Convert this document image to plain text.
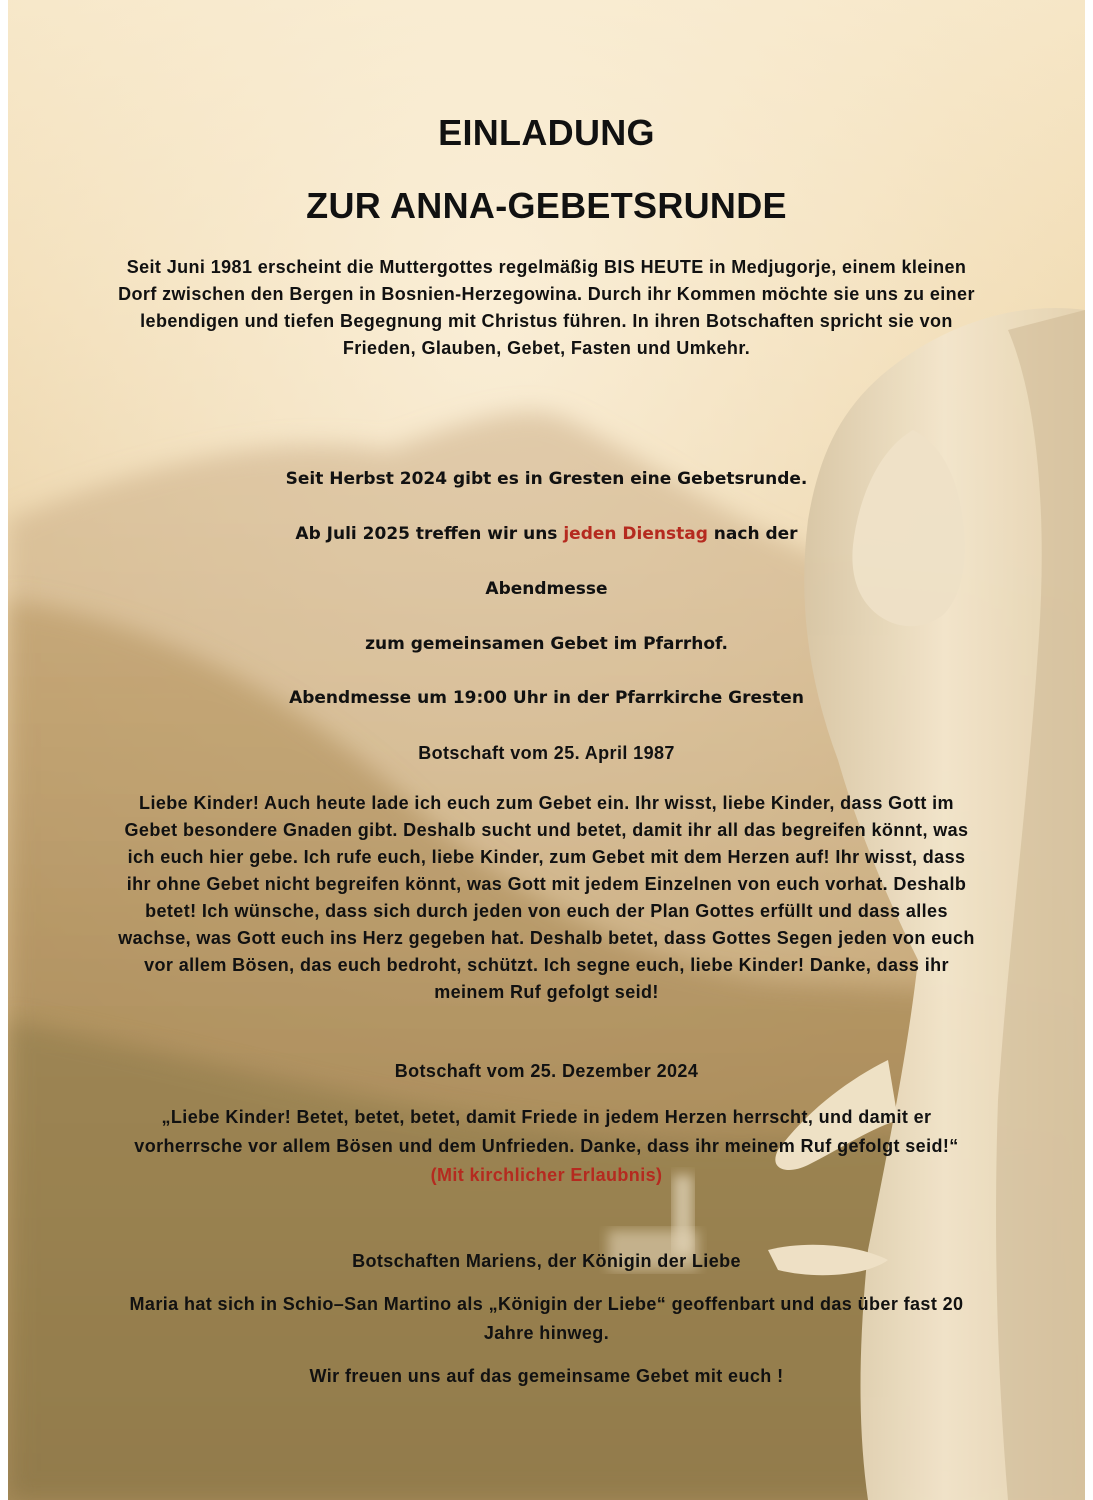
EINLADUNG
ZUR ANNA-GEBETSRUNDE
Seit Juni 1981 erscheint die Muttergottes regelmäßig BIS HEUTE in Medjugorje, einem kleinen Dorf zwischen den Bergen in Bosnien-Herzegowina. Durch ihr Kommen möchte sie uns zu einer lebendigen und tiefen Begegnung mit Christus führen. In ihren Botschaften spricht sie von Frieden, Glauben, Gebet, Fasten und Umkehr.
Seit Herbst 2024 gibt es in Gresten eine Gebetsrunde.
Ab Juli 2025 treffen wir uns jeden Dienstag nach der
Abendmesse
zum gemeinsamen Gebet im Pfarrhof.
Abendmesse um 19:00 Uhr in der Pfarrkirche Gresten
Botschaft vom 25. April 1987
Liebe Kinder! Auch heute lade ich euch zum Gebet ein. Ihr wisst, liebe Kinder, dass Gott im Gebet besondere Gnaden gibt. Deshalb sucht und betet, damit ihr all das begreifen könnt, was ich euch hier gebe. Ich rufe euch, liebe Kinder, zum Gebet mit dem Herzen auf! Ihr wisst, dass ihr ohne Gebet nicht begreifen könnt, was Gott mit jedem Einzelnen von euch vorhat. Deshalb betet! Ich wünsche, dass sich durch jeden von euch der Plan Gottes erfüllt und dass alles wachse, was Gott euch ins Herz gegeben hat. Deshalb betet, dass Gottes Segen jeden von euch vor allem Bösen, das euch bedroht, schützt. Ich segne euch, liebe Kinder! Danke, dass ihr meinem Ruf gefolgt seid!
Botschaft vom 25. Dezember 2024
„Liebe Kinder! Betet, betet, betet, damit Friede in jedem Herzen herrscht, und damit er vorherrsche vor allem Bösen und dem Unfrieden. Danke, dass ihr meinem Ruf gefolgt seid!“ (Mit kirchlicher Erlaubnis)
Botschaften Mariens, der Königin der Liebe
Maria hat sich in Schio–San Martino als „Königin der Liebe“ geoffenbart und das über fast 20 Jahre hinweg.
Wir freuen uns auf das gemeinsame Gebet mit euch !
